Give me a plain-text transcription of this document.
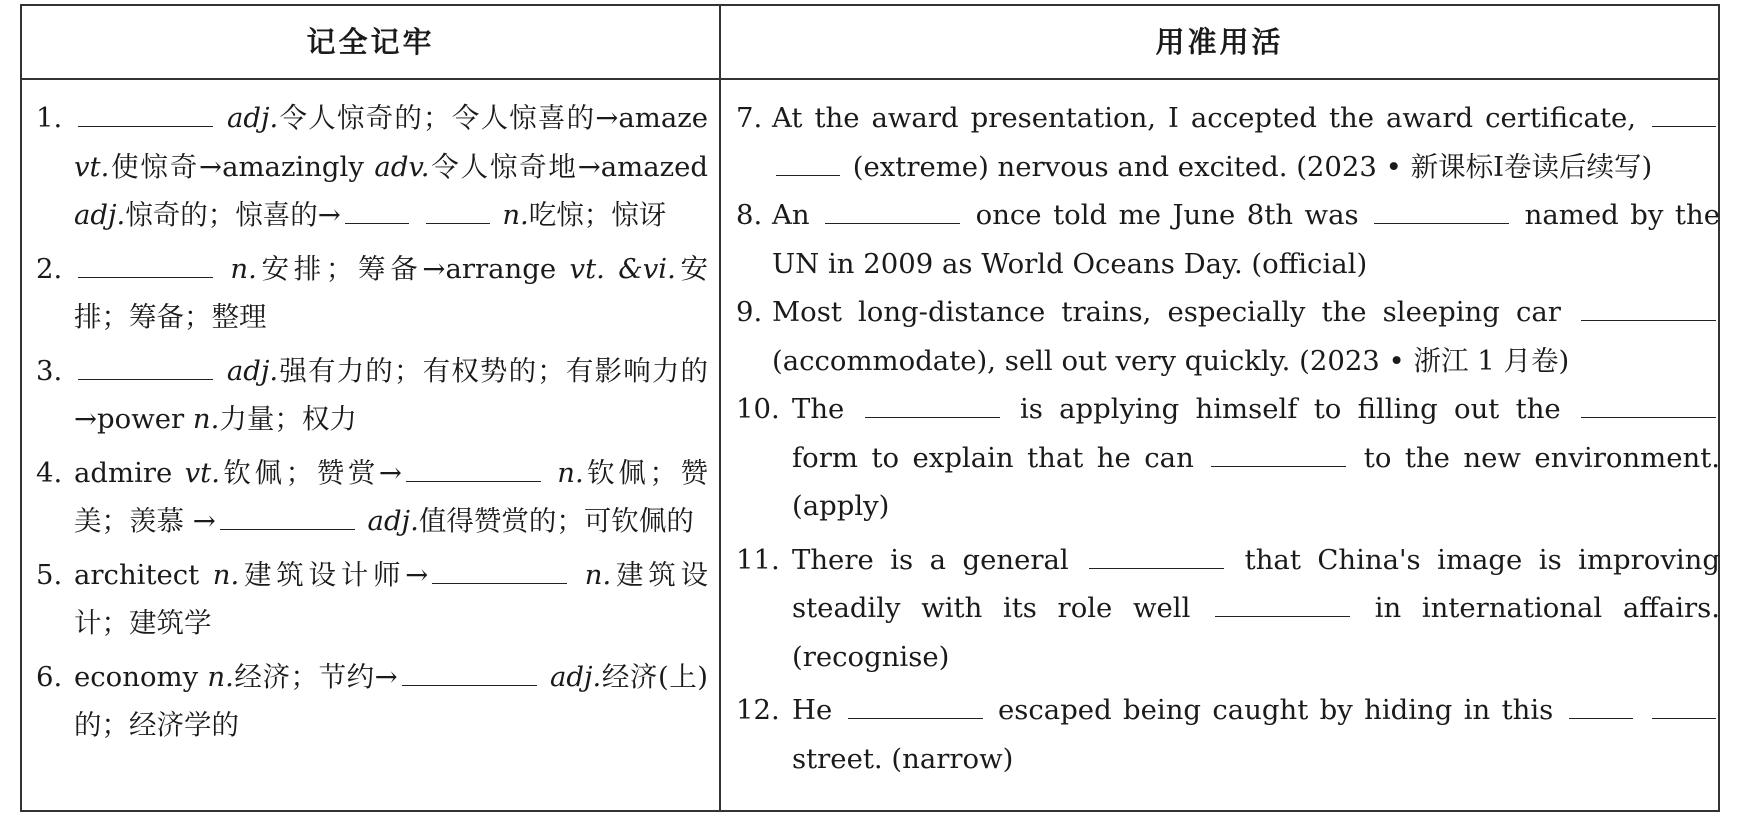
记全记牢	用准用活
1.	adj.令人惊奇的；令人惊喜的→amaze vt.使惊奇→amazingly adv.令人惊奇地→amazed adj.惊奇的；惊喜的→	n.吃惊；惊讶
2.	n.安排；筹备→arrange vt. &vi.安排；筹备；整理
3.	adj.强有力的；有权势的；有影响力的→power n.力量；权力
4. admire vt.钦佩；赞赏→	n.钦佩；赞美；羡慕 →	adj.值得赞赏的；可钦佩的
5. architect n.建筑设计师→	n.建筑设计；建筑学
6. economy n.经济；节约→	adj.经济(上)的；经济学的
7. At the award presentation, I accepted the award certificate,   (extreme) nervous and excited. (2023 • 新课标Ⅰ卷读后续写)
8. An	once told me June 8th was	named by the UN in 2009 as World Oceans Day. (official)
9. Most long-distance trains, especially the sleeping car  (accommodate), sell out very quickly. (2023 • 浙江 1 月卷)
10. The	is applying himself to filling out the  form to explain that he can	to the new environment. (apply)
11. There is a general	that China's image is improving steadily with its role well	in international affairs. (recognise)
12. He	escaped being caught by hiding in this   street. (narrow)
